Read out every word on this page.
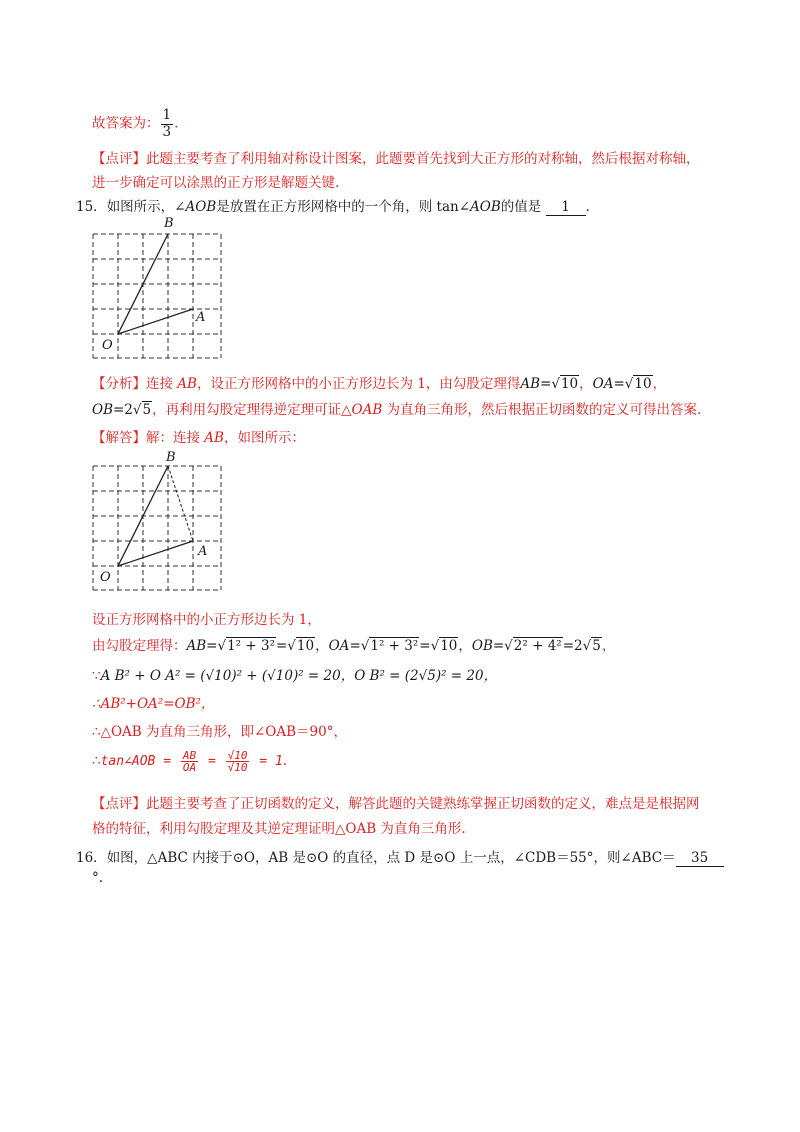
故答案为： $\frac{1}{3}$ .
【点评】此题主要考查了利用轴对称设计图案，此题要首先找到大正方形的对称轴，然后根据对称轴，
进一步确定可以涂黑的正方形是解题关键.
15．如图所示，∠AOB是放置在正方形网格中的一个角，则 tan∠AOB的值是 1 ．
B
A
O
【分析】连接 AB，设正方形网格中的小正方形边长为 1，由勾股定理得AB=√10，OA=√10，
OB=2√5，再利用勾股定理得逆定理可证△OAB 为直角三角形，然后根据正切函数的定义可得出答案.
【解答】解：连接 AB，如图所示：
B
A
O
设正方形网格中的小正方形边长为 1，
由勾股定理得：AB=√1² + 3²=√10，OA=√1² + 3²=√10，OB=√2² + 4²=2√5，
∵A B² + O A² = (√10)² + (√10)² = 20，O B² = (2√5)² = 20，
∴AB²+OA²=OB²，
∴△OAB 为直角三角形，即∠OAB＝90°，
∴tan∠AOB = $\frac{AB}{OA} = \frac{√10}{√10} = 1$.
【点评】此题主要考查了正切函数的定义，解答此题的关键熟练掌握正切函数的定义，难点是是根据网
格的特征，利用勾股定理及其逆定理证明△OAB 为直角三角形.
16．如图，△ABC 内接于⊙O，AB 是⊙O 的直径，点 D 是⊙O 上一点，∠CDB＝55°，则∠ABC＝ 35
°.
